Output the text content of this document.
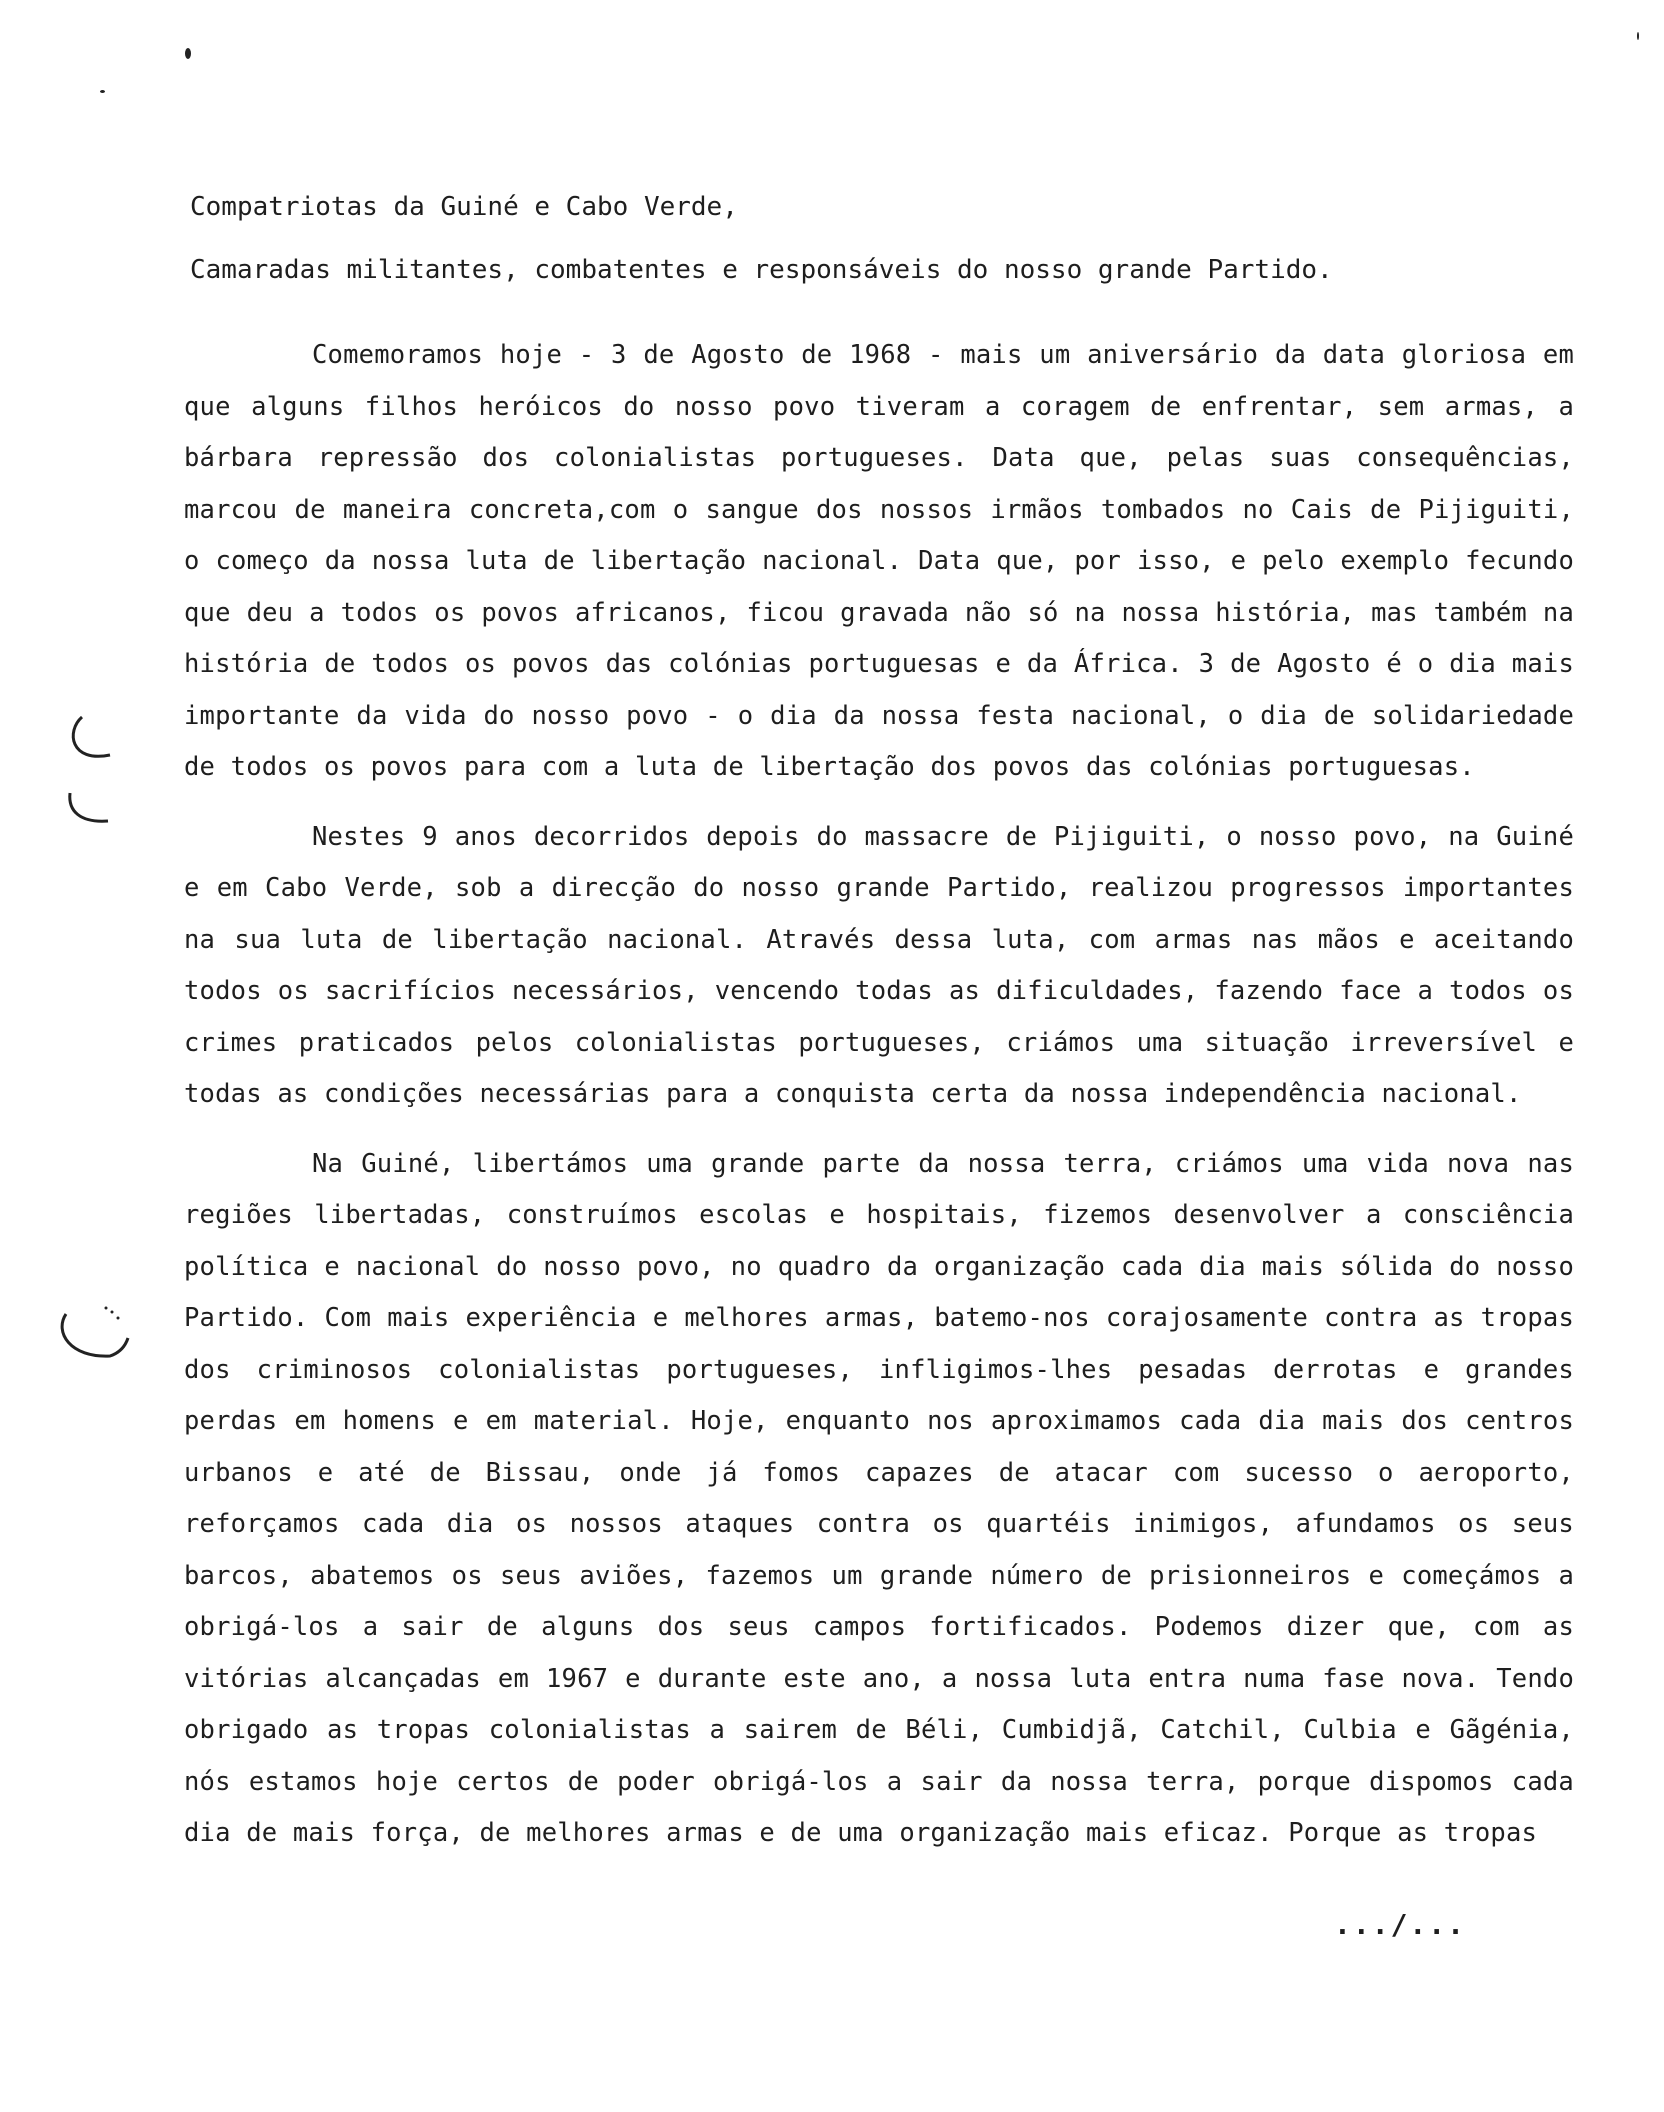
Compatriotas da Guiné e Cabo Verde,
Camaradas militantes, combatentes e responsáveis do nosso grande Partido.

Comemoramos hoje - 3 de Agosto de 1968 - mais um aniversário da data gloriosa em que alguns filhos heróicos do nosso povo tiveram a coragem de enfrentar, sem armas, a bárbara repressão dos colonialistas portugueses. Data que, pelas suas consequências, marcou de maneira concreta,com o sangue dos nossos irmãos tombados no Cais de Pijiguiti, o começo da nossa luta de libertação nacional. Data que, por isso, e pelo exemplo fecundo que deu a todos os povos africanos, ficou gravada não só na nossa história, mas também na história de todos os povos das colónias portuguesas e da África. 3 de Agosto é o dia mais importante da vida do nosso povo - o dia da nossa festa nacional, o dia de solidariedade de todos os povos para com a luta de libertação dos povos das colónias portuguesas.

Nestes 9 anos decorridos depois do massacre de Pijiguiti, o nosso povo, na Guiné e em Cabo Verde, sob a direcção do nosso grande Partido, realizou progressos importantes na sua luta de libertação nacional. Através dessa luta, com armas nas mãos e aceitando todos os sacrifícios necessários, vencendo todas as dificuldades, fazendo face a todos os crimes praticados pelos colonialistas portugueses, criámos uma situação irreversível e todas as condições necessárias para a conquista certa da nossa independência nacional.

Na Guiné, libertámos uma grande parte da nossa terra, criámos uma vida nova nas regiões libertadas, construímos escolas e hospitais, fizemos desenvolver a consciência política e nacional do nosso povo, no quadro da organização cada dia mais sólida do nosso Partido. Com mais experiência e melhores armas, batemo-nos corajosamente contra as tropas dos criminosos colonialistas portugueses, infligimos-lhes pesadas derrotas e grandes perdas em homens e em material. Hoje, enquanto nos aproximamos cada dia mais dos centros urbanos e até de Bissau, onde já fomos capazes de atacar com sucesso o aeroporto, reforçamos cada dia os nossos ataques contra os quartéis inimigos, afundamos os seus barcos, abatemos os seus aviões, fazemos um grande número de prisionneiros e começámos a obrigá-los a sair de alguns dos seus campos fortificados. Podemos dizer que, com as vitórias alcançadas em 1967 e durante este ano, a nossa luta entra numa fase nova. Tendo obrigado as tropas colonialistas a sairem de Béli, Cumbidjã, Catchil, Culbia e Gãgénia, nós estamos hoje certos de poder obrigá-los a sair da nossa terra, porque dispomos cada dia de mais força, de melhores armas e de uma organização mais eficaz. Porque as tropas

.../...
